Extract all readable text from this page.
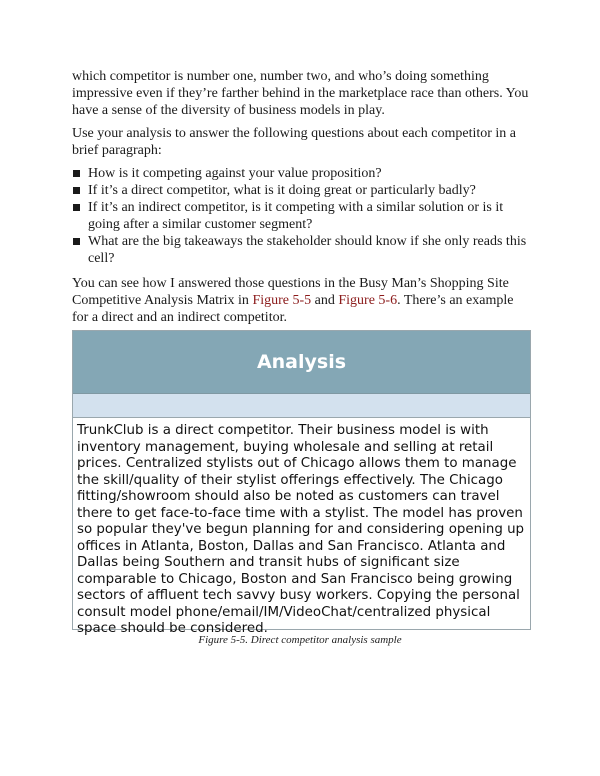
which competitor is number one, number two, and who’s doing something impressive even if they’re farther behind in the marketplace race than others. You have a sense of the diversity of business models in play.

Use your analysis to answer the following questions about each competitor in a brief paragraph:

How is it competing against your value proposition?
If it’s a direct competitor, what is it doing great or particularly badly?
If it’s an indirect competitor, is it competing with a similar solution or is it going after a similar customer segment?
What are the big takeaways the stakeholder should know if she only reads this cell?

You can see how I answered those questions in the Busy Man’s Shopping Site Competitive Analysis Matrix in Figure 5-5 and Figure 5-6. There’s an example for a direct and an indirect competitor.

Analysis
TrunkClub is a direct competitor. Their business model is with inventory management, buying wholesale and selling at retail prices. Centralized stylists out of Chicago allows them to manage the skill/quality of their stylist offerings effectively. The Chicago fitting/showroom should also be noted as customers can travel there to get face-to-face time with a stylist. The model has proven so popular they've begun planning for and considering opening up offices in Atlanta, Boston, Dallas and San Francisco. Atlanta and Dallas being Southern and transit hubs of significant size comparable to Chicago, Boston and San Francisco being growing sectors of affluent tech savvy busy workers. Copying the personal consult model phone/email/IM/VideoChat/centralized physical space should be considered.
Figure 5-5. Direct competitor analysis sample
